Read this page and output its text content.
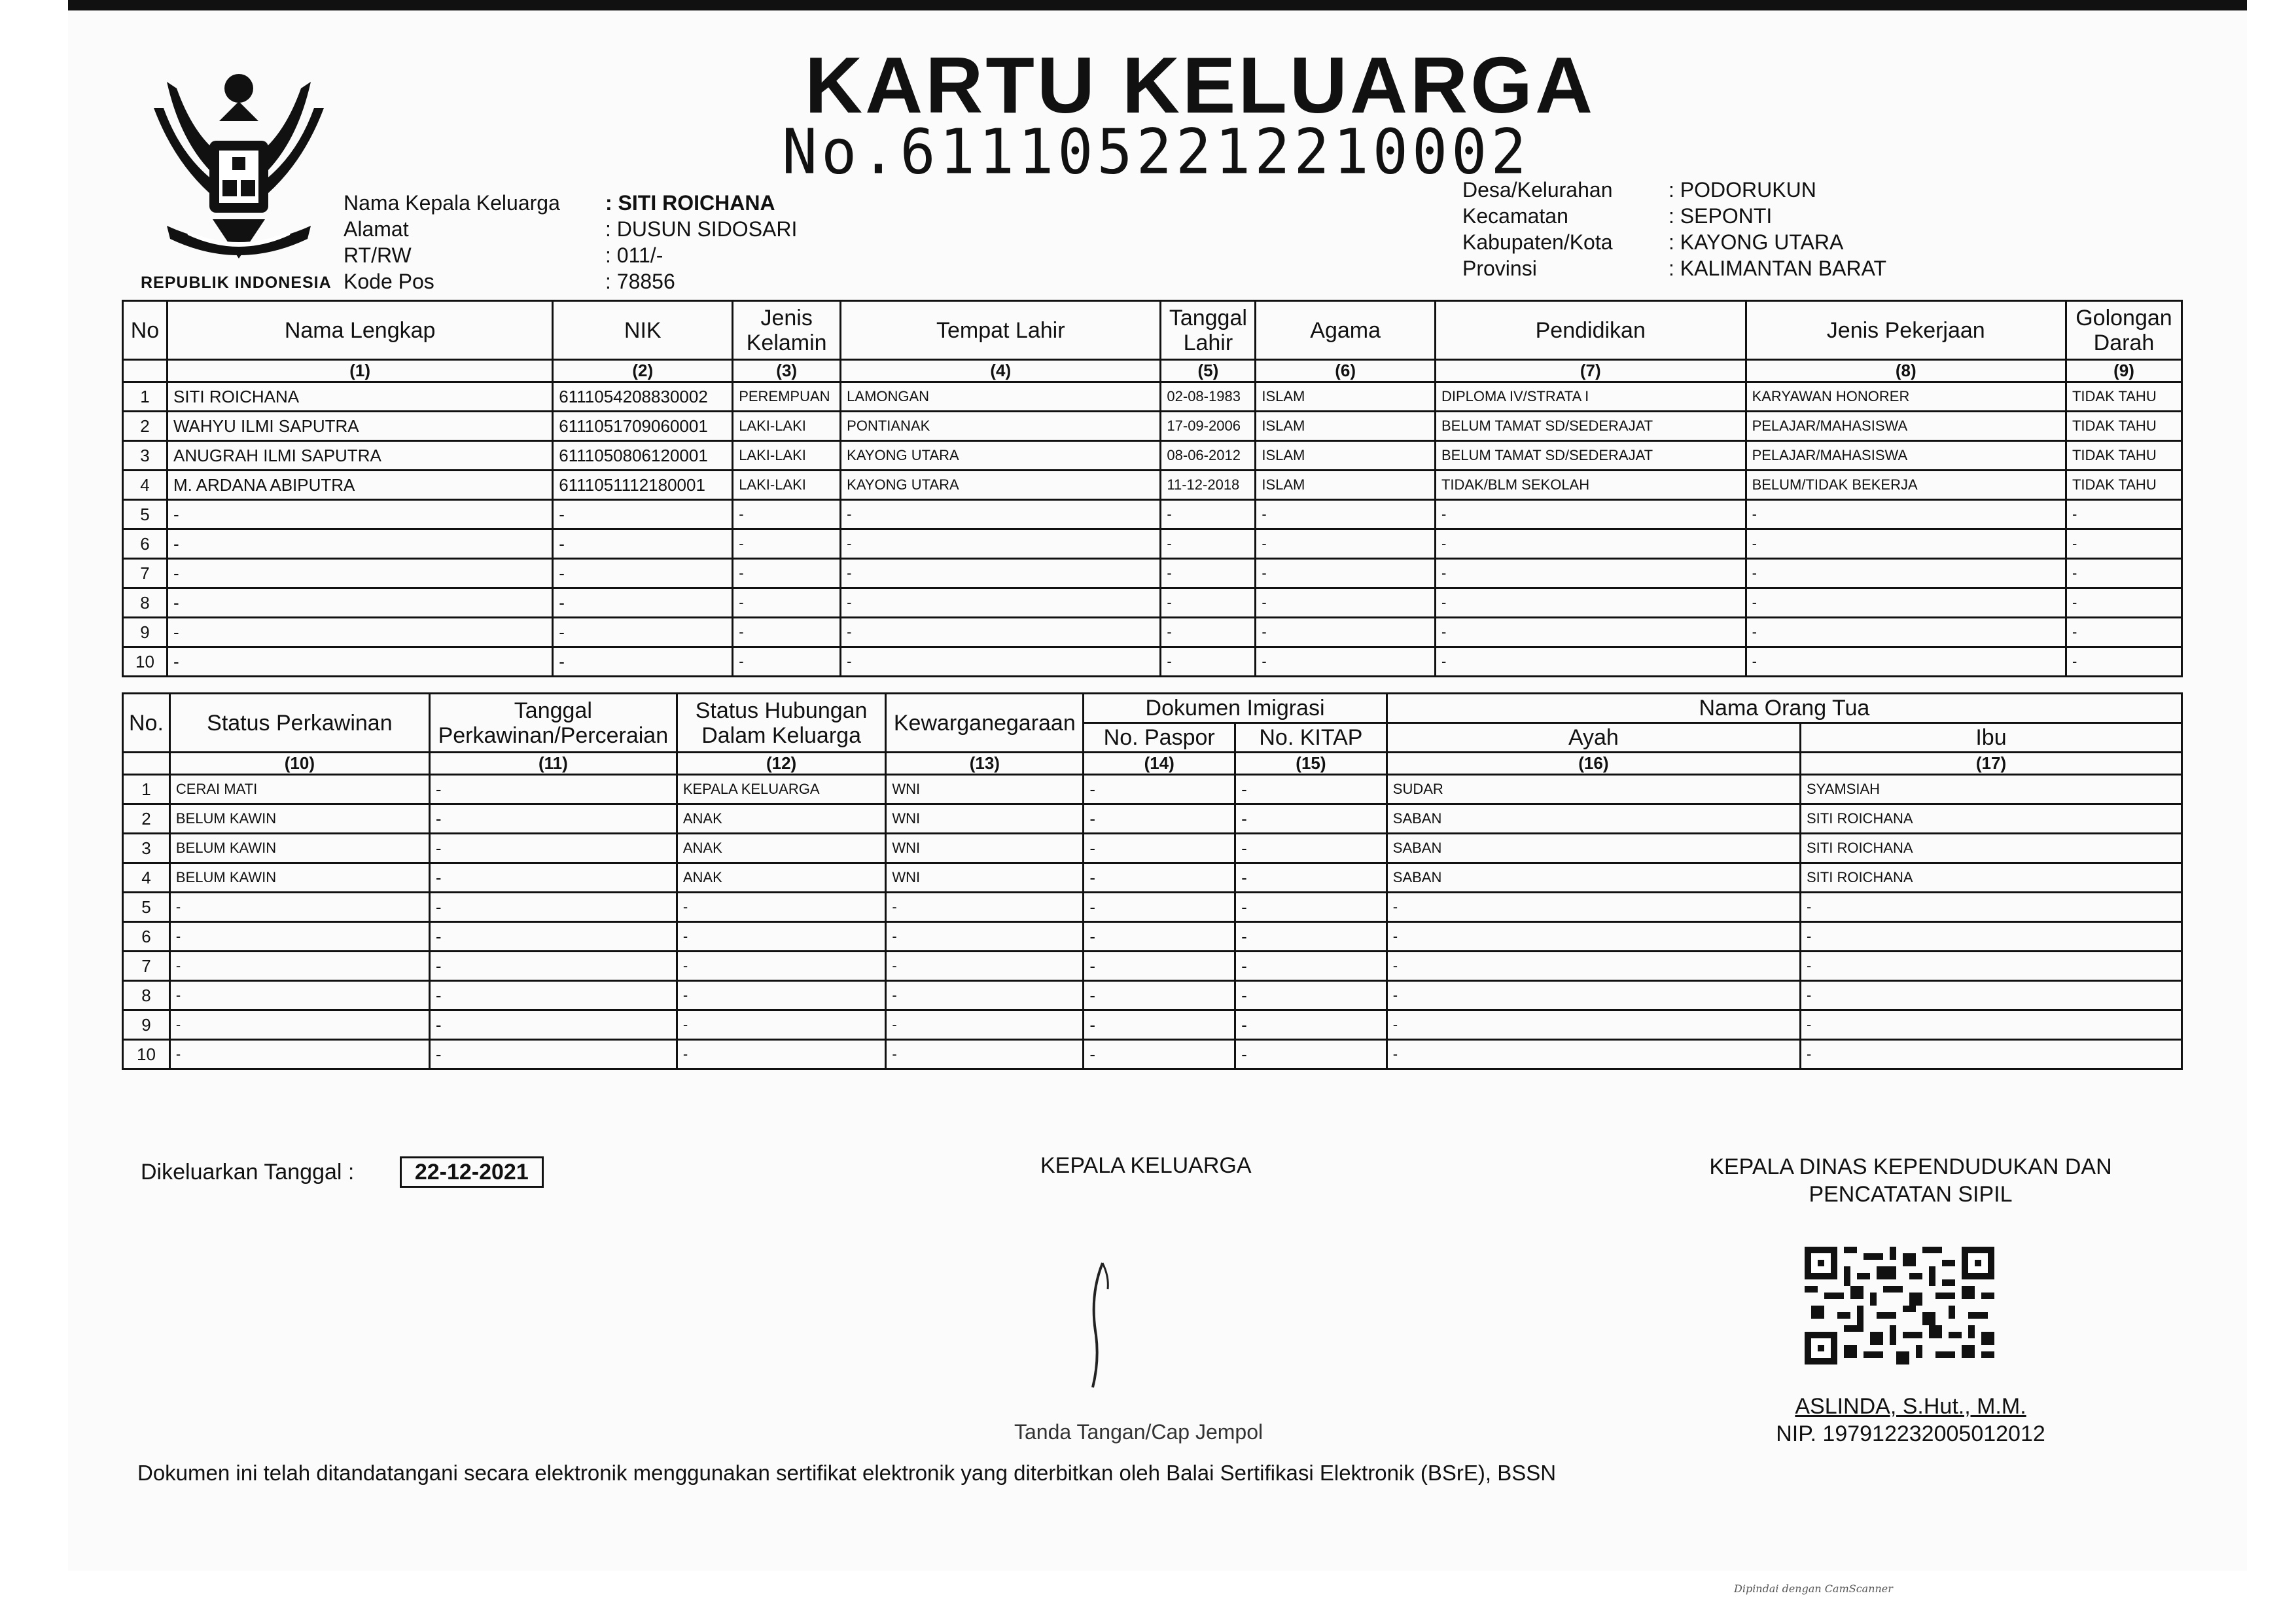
REPUBLIK INDONESIA
KARTU KELUARGA
No.6111052212210002
Nama Kepala Keluarga : SITI ROICHANA
Alamat	: DUSUN SIDOSARI
RT/RW	: 011/-
Kode Pos	: 78856
Desa/Kelurahan	: PODORUKUN
Kecamatan	: SEPONTI
Kabupaten/Kota	: KAYONG UTARA
Provinsi	: KALIMANTAN BARAT
No	Nama Lengkap	NIK	Jenis Kelamin	Tempat Lahir	Tanggal Lahir	Agama	Pendidikan	Jenis Pekerjaan	Golongan Darah
	(1)	(2)	(3)	(4)	(5)	(6)	(7)	(8)	(9)
1	SITI ROICHANA	6111054208830002	PEREMPUAN	LAMONGAN	02-08-1983	ISLAM	DIPLOMA IV/STRATA I	KARYAWAN HONORER	TIDAK TAHU
2	WAHYU ILMI SAPUTRA	6111051709060001	LAKI-LAKI	PONTIANAK	17-09-2006	ISLAM	BELUM TAMAT SD/SEDERAJAT	PELAJAR/MAHASISWA	TIDAK TAHU
3	ANUGRAH ILMI SAPUTRA	6111050806120001	LAKI-LAKI	KAYONG UTARA	08-06-2012	ISLAM	BELUM TAMAT SD/SEDERAJAT	PELAJAR/MAHASISWA	TIDAK TAHU
4	M. ARDANA ABIPUTRA	6111051112180001	LAKI-LAKI	KAYONG UTARA	11-12-2018	ISLAM	TIDAK/BLM SEKOLAH	BELUM/TIDAK BEKERJA	TIDAK TAHU
5	-	-	-	-	-	-	-	-	-
6	-	-	-	-	-	-	-	-	-
7	-	-	-	-	-	-	-	-	-
8	-	-	-	-	-	-	-	-	-
9	-	-	-	-	-	-	-	-	-
10	-	-	-	-	-	-	-	-	-
No.	Status Perkawinan	Tanggal Perkawinan/Perceraian	Status Hubungan Dalam Keluarga	Kewarganegaraan	Dokumen Imigrasi		Nama Orang Tua	
					No. Paspor	No. KITAP	Ayah	Ibu
	(10)	(11)	(12)	(13)	(14)	(15)	(16)	(17)
1	CERAI MATI	-	KEPALA KELUARGA	WNI	-	-	SUDAR	SYAMSIAH
2	BELUM KAWIN	-	ANAK	WNI	-	-	SABAN	SITI ROICHANA
3	BELUM KAWIN	-	ANAK	WNI	-	-	SABAN	SITI ROICHANA
4	BELUM KAWIN	-	ANAK	WNI	-	-	SABAN	SITI ROICHANA
5	-	-	-	-	-	-	-	-
6	-	-	-	-	-	-	-	-
7	-	-	-	-	-	-	-	-
8	-	-	-	-	-	-	-	-
9	-	-	-	-	-	-	-	-
10	-	-	-	-	-	-	-	-
Dikeluarkan Tanggal :	22-12-2021	KEPALA KELUARGA
Tanda Tangan/Cap Jempol
KEPALA DINAS KEPENDUDUKAN DAN
PENCATATAN SIPIL
ASLINDA, S.Hut., M.M.
NIP. 197912232005012012
Dokumen ini telah ditandatangani secara elektronik menggunakan sertifikat elektronik yang diterbitkan oleh Balai Sertifikasi Elektronik (BSrE), BSSN
Dipindai dengan CamScanner
